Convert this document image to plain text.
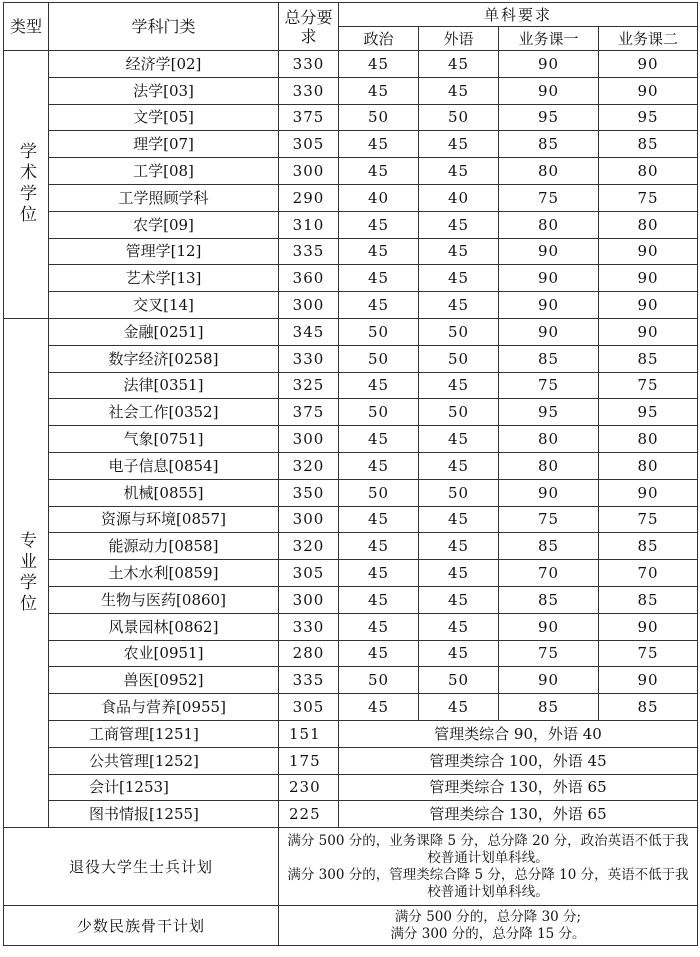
类型	学科门类	总分要求	单科要求			
			政治	外语	业务课一	业务课二
学术学位	经济学[02]	330	45	45	90	90
	法学[03]	330	45	45	90	90
	文学[05]	375	50	50	95	95
	理学[07]	305	45	45	85	85
	工学[08]	300	45	45	80	80
	工学照顾学科	290	40	40	75	75
	农学[09]	310	45	45	80	80
	管理学[12]	335	45	45	90	90
	艺术学[13]	360	45	45	90	90
	交叉[14]	300	45	45	90	90
专业学位	金融[0251]	345	50	50	90	90
	数字经济[0258]	330	50	50	85	85
	法律[0351]	325	45	45	75	75
	社会工作[0352]	375	50	50	95	95
	气象[0751]	300	45	45	80	80
	电子信息[0854]	320	45	45	80	80
	机械[0855]	350	50	50	90	90
	资源与环境[0857]	300	45	45	75	75
	能源动力[0858]	320	45	45	85	85
	土木水利[0859]	305	45	45	70	70
	生物与医药[0860]	300	45	45	85	85
	风景园林[0862]	330	45	45	90	90
	农业[0951]	280	45	45	75	75
	兽医[0952]	335	50	50	90	90
	食品与营养[0955]	305	45	45	85	85
	工商管理[1251]	151	管理类综合 90，外语 40			
	公共管理[1252]	175	管理类综合 100，外语 45			
	会计[1253]	230	管理类综合 130，外语 65			
	图书情报[1255]	225	管理类综合 130，外语 65			
退役大学生士兵计划		满分 500 分的，业务课降 5 分，总分降 20 分，政治英语不低于我校普通计划单科线。
满分 300 分的，管理类综合降 5 分，总分降 10 分，英语不低于我校普通计划单科线。				

少数民族骨干计划		满分 500 分的，总分降 30 分;
满分 300 分的，总分降 15 分。				
